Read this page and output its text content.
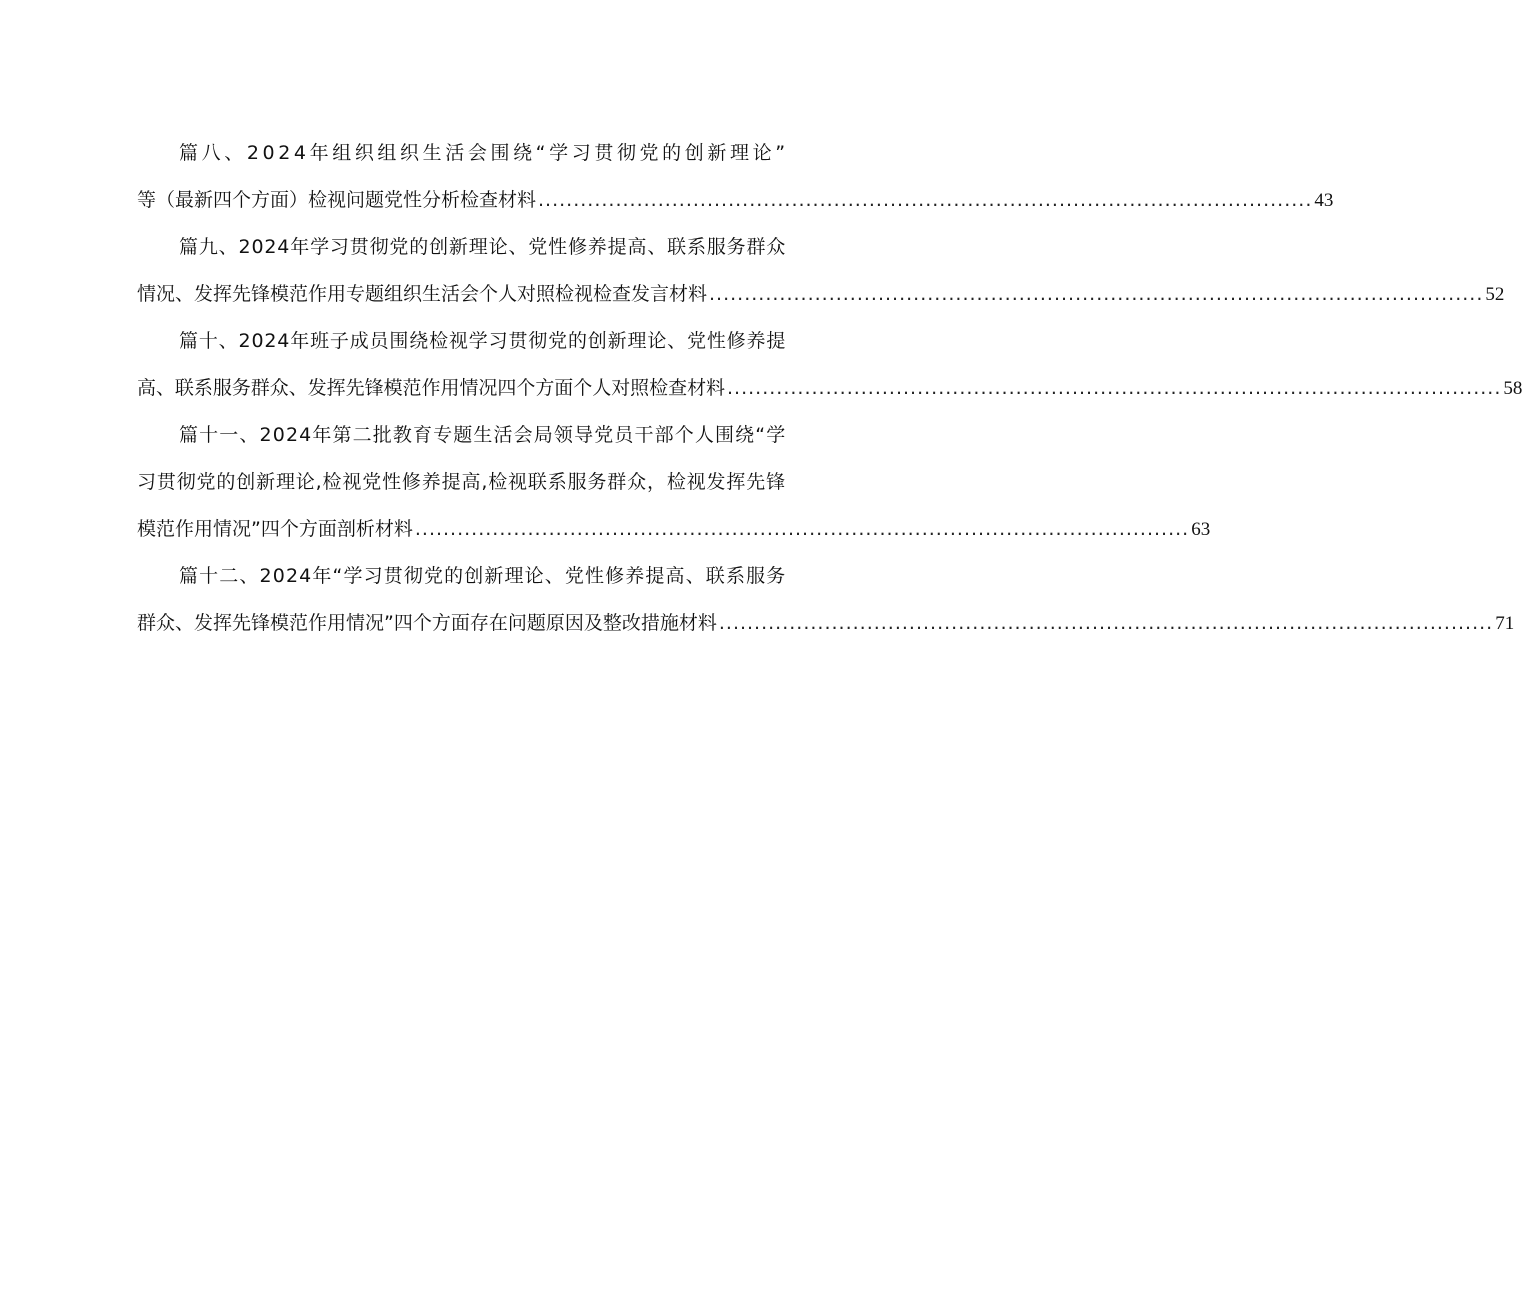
篇八、2024年组织组织生活会围绕“学习贯彻党的创新理论”
等（最新四个方面）检视问题党性分析检查材料 .............................................................................................................. 43
篇九、2024年学习贯彻党的创新理论、党性修养提高、联系服务群众
情况、发挥先锋模范作用专题组织生活会个人对照检视检查发言材料 .............................................................................................................. 52
篇十、2024年班子成员围绕检视学习贯彻党的创新理论、党性修养提
高、联系服务群众、发挥先锋模范作用情况四个方面个人对照检查材料 .............................................................................................................. 58
篇十一、2024年第二批教育专题生活会局领导党员干部个人围绕“学
习贯彻党的创新理论,检视党性修养提高,检视联系服务群众，检视发挥先锋
模范作用情况”四个方面剖析材料 .............................................................................................................. 63
篇十二、2024年“学习贯彻党的创新理论、党性修养提高、联系服务
群众、发挥先锋模范作用情况”四个方面存在问题原因及整改措施材料 .............................................................................................................. 71
